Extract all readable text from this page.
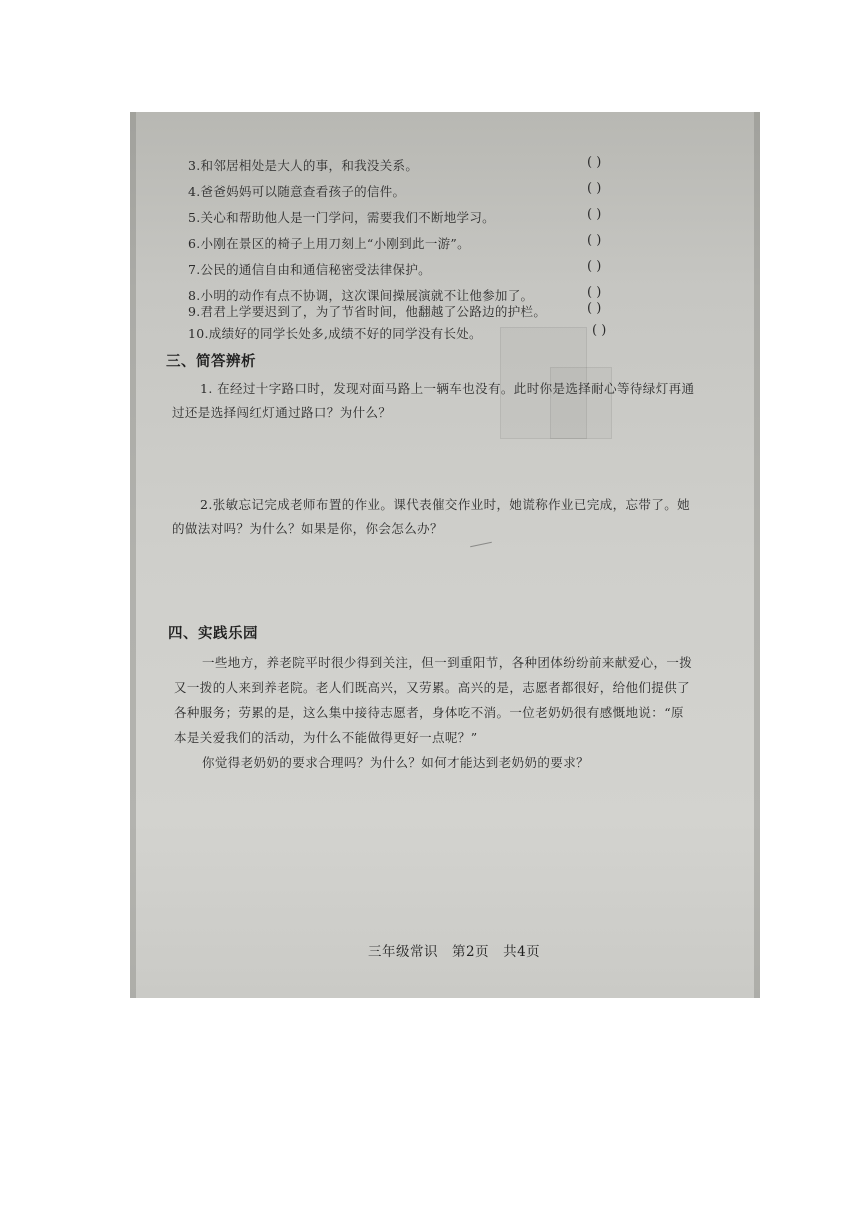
3.和邻居相处是大人的事，和我没关系。	( )
4.爸爸妈妈可以随意查看孩子的信件。	( )
5.关心和帮助他人是一门学问，需要我们不断地学习。	( )
6.小刚在景区的椅子上用刀刻上“小刚到此一游”。	( )
7.公民的通信自由和通信秘密受法律保护。	( )
8.小明的动作有点不协调，这次课间操展演就不让他参加了。	( )
9.君君上学要迟到了，为了节省时间，他翻越了公路边的护栏。	( )
10.成绩好的同学长处多,成绩不好的同学没有长处。	( )
三、简答辨析
1. 在经过十字路口时，发现对面马路上一辆车也没有。此时你是选择耐心等待绿灯再通
过还是选择闯红灯通过路口？为什么？
2.张敏忘记完成老师布置的作业。课代表催交作业时，她谎称作业已完成，忘带了。她
的做法对吗？为什么？如果是你，你会怎么办？
四、实践乐园
一些地方，养老院平时很少得到关注，但一到重阳节，各种团体纷纷前来献爱心，一拨
又一拨的人来到养老院。老人们既高兴，又劳累。高兴的是，志愿者都很好，给他们提供了
各种服务；劳累的是，这么集中接待志愿者，身体吃不消。一位老奶奶很有感慨地说：“原
本是关爱我们的活动，为什么不能做得更好一点呢？”
你觉得老奶奶的要求合理吗？为什么？如何才能达到老奶奶的要求？
三年级常识　第2页　共4页
